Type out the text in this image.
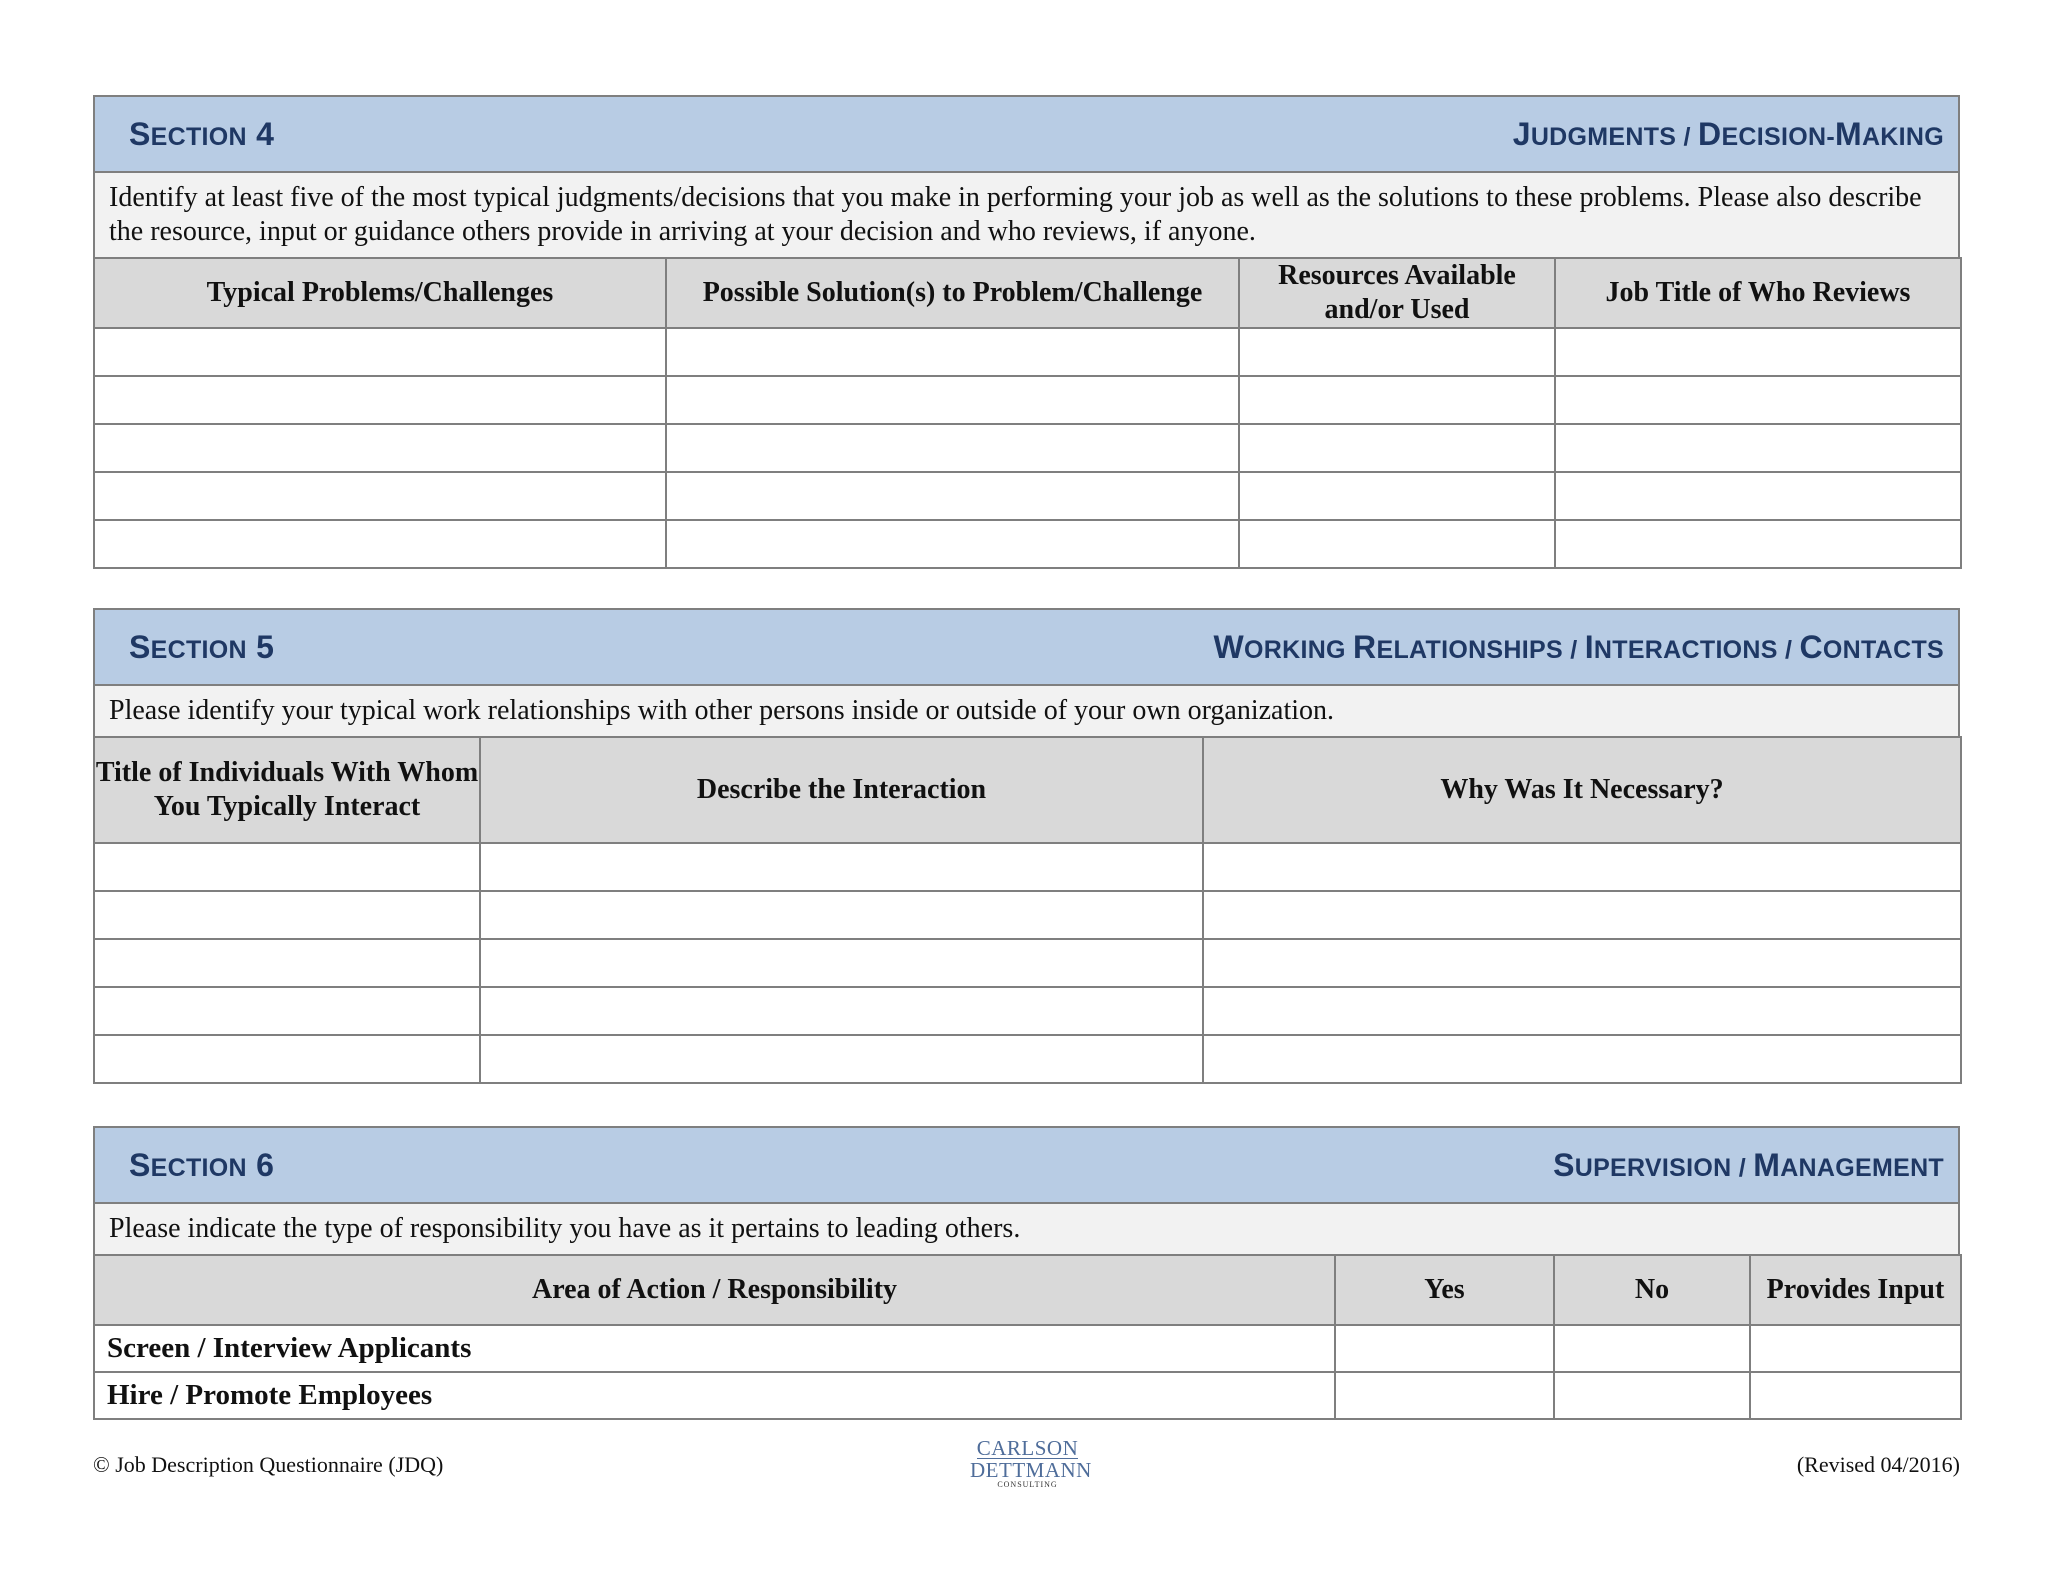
SECTION 4	JUDGMENTS / DECISION-MAKING
Identify at least five of the most typical judgments/decisions that you make in performing your job as well as the solutions to these problems. Please also describe the resource, input or guidance others provide in arriving at your decision and who reviews, if anyone.
Typical Problems/Challenges	Possible Solution(s) to Problem/Challenge	Resources Available and/or Used	Job Title of Who Reviews

SECTION 5	WORKING RELATIONSHIPS / INTERACTIONS / CONTACTS
Please identify your typical work relationships with other persons inside or outside of your own organization.
Title of Individuals With Whom You Typically Interact	Describe the Interaction	Why Was It Necessary?

SECTION 6	SUPERVISION / MANAGEMENT
Please indicate the type of responsibility you have as it pertains to leading others.
Area of Action / Responsibility	Yes	No	Provides Input
Screen / Interview Applicants			
Hire / Promote Employees			
© Job Description Questionnaire (JDQ)
CARLSON
DETTMANN
CONSULTING
(Revised 04/2016)
